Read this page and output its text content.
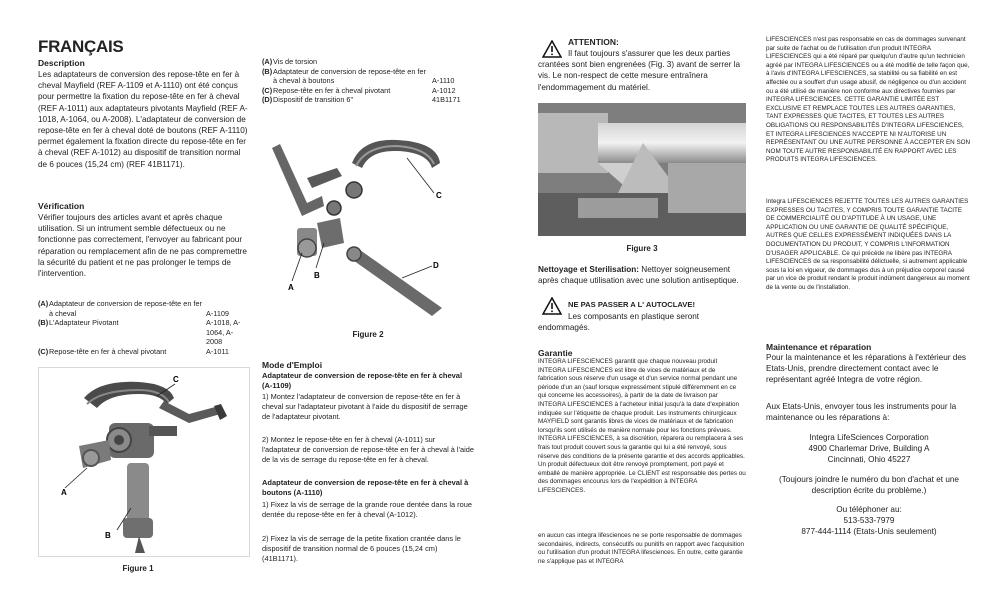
FRANÇAIS
Description
Les adaptateurs de conversion des repose-tête en fer à cheval Mayfield (REF A-1109 et A-1110) ont été conçus pour permettre la fixation du repose-tête en fer à cheval (REF A-1011) aux adaptateurs pivotants Mayfield (REF A-1018, A-1064, ou A-2008). L'adaptateur de conversion de repose-tête en fer à cheval doté de boutons (REF A-1110) permet également la fixation directe du repose-tête en fer à cheval (REF A-1012) au dispositif de transition normal de 6 pouces (15,24 cm) (REF 41B1171).
Vérification
Vérifier toujours des articles avant et après chaque utilisation. Si un intrument semble défectueux ou ne fonctionne pas correctement, l'envoyer au fabricant pour réparation ou remplacement afin de ne pas compremettre la sécurité du patient et ne pas prolonger le temps de l'intervention.
(A) Adaptateur de conversion de repose-tête en fer à cheval	A-1109
(B) L'Adaptateur Pivotant	A-1018, A-1064, A-2008
(C) Repose-tête en fer à cheval pivotant	A-1011
A
B
C
Figure 1
(A) Vis de torsion
(B) Adaptateur de conversion de repose-tête en fer à cheval à boutons	A-1110
(C) Repose-tête en fer à cheval pivotant	A-1012
(D) Dispositif de transition 6"	41B1171
C
A
B
D
Figure 2
Mode d'Emploi
Adaptateur de conversion de repose-tête en fer à cheval (A-1109)
1) Montez l'adaptateur de conversion de repose-tête en fer à cheval sur l'adaptateur pivotant à l'aide du dispositif de serrage de l'adaptateur pivotant.
2) Montez le repose-tête en fer à cheval (A-1011) sur l'adaptateur de conversion de repose-tête en fer à cheval à l'aide de la vis de serrage du repose-tête en fer à cheval.
Adaptateur de conversion de repose-tête en fer à cheval à boutons (A-1110)
1) Fixez la vis de serrage de la grande roue dentée dans la roue dentée du repose-tête en fer à cheval (A-1012).
2) Fixez la vis de serrage de la petite fixation crantée dans le dispositif de transition normal de 6 pouces (15,24 cm) (41B1171).
ATTENTION:
Il faut toujours s'assurer que les deux parties crantées sont bien engrenées (Fig. 3) avant de serrer la vis. Le non-respect de cette mesure entraînera l'endommagement du matériel.
Figure 3
Nettoyage et Sterilisation: Nettoyer soigneusement après chaque utilisation avec une solution antiseptique.
NE PAS PASSER A L' AUTOCLAVE!
Les composants en plastique seront endommagés.
Garantie
INTEGRA LIFESCIENCES garantit que chaque nouveau produit INTEGRA LIFESCIENCES est libre de vices de matériaux et de fabrication sous réserve d'un usage et d'un service normal pendant une période d'un an (sauf lorsque expressément stipulé différemment en ce qui concerne les accessoires), à partir de la date de livraison par INTEGRA LIFESCIENCES à l'acheteur initial jusqu'à la date d'expiration indiquée sur l'étiquette de chaque produit. Les instruments chirurgicaux MAYFIELD sont garantis libres de vices de matériaux et de fabrication lorsqu'ils sont utilisés de manière normale pour les fonctions prévues. INTEGRA LIFESCIENCES, à sa discrétion, réparera ou remplacera à ses frais tout produit couvert sous la garantie qui lui a été renvoyé, sous réserve des conditions de la présente garantie et des accords applicables. Un produit défectueux doit être renvoyé promptement, port payé et emballé de manière appropriée. Le CLIENT est responsable des pertes ou des dommages encourus lors de l'expédition à INTEGRA LIFESCIENCES.
en aucun cas integra lifesciences ne se porte responsable de dommages secondaires, indirects, consécutifs ou punitifs en rapport avec l'acquisition ou l'utilisation d'un produit INTEGRA lifesciences. En outre, cette garantie ne s'applique pas et INTEGRA
LIFESCIENCES n'est pas responsable en cas de dommages survenant par suite de l'achat ou de l'utilisation d'un produit INTEGRA LIFESCIENCES qui a été réparé par quelqu'un d'autre qu'un technicien agréé par INTEGRA LIFESCIENCES ou a été modifié de telle façon que, à l'avis d'INTEGRA LIFESCIENCES, sa stabilité ou sa fiabilité en est affectée ou a souffert d'un usage abusif, de négligence ou d'un accident ou a été utilisé de manière non conforme aux directives fournies par INTEGRA LIFESCIENCES. CETTE GARANTIE LIMITÉE EST EXCLUSIVE ET REMPLACE TOUTES LES AUTRES GARANTIES, TANT EXPRESSES QUE TACITES, ET TOUTES LES AUTRES OBLIGATIONS OU RESPONSABILITÉS D'INTEGRA LIFESCIENCES, ET INTEGRA LIFESCIENCES N'ACCEPTE NI N'AUTORISE UN REPRÉSENTANT OU UNE AUTRE PERSONNE À ACCEPTER EN SON NOM TOUTE AUTRE RESPONSABILITÉ EN RAPPORT AVEC LES PRODUITS INTEGRA LIFESCIENCES.
Integra LIFESCIENCES REJETTE TOUTES LES AUTRES GARANTIES EXPRESSES OU TACITES, Y COMPRIS TOUTE GARANTIE TACITE DE COMMERCIALITÉ OU D'APTITUDE À UN USAGE, UNE APPLICATION OU UNE GARANTIE DE QUALITÉ SPÉCIFIQUE, AUTRES QUE CELLES EXPRESSÉMENT INDIQUÉES DANS LA DOCUMENTATION DU PRODUIT, Y COMPRIS L'INFORMATION D'USAGER APPLICABLE. Ce qui précède ne libère pas INTEGRA LIFESCIENCES de sa responsabilité délictuelle, si autrement applicable sous la loi en vigueur, de dommages dus à un préjudice corporel causé par un vice de produit rendant le produit indûment dangereux au moment de la vente ou de l'installation.
Maintenance et réparation
Pour la maintenance et les réparations à l'extérieur des Etats-Unis, prendre directement contact avec le représentant agréé Integra de votre région.
Aux Etats-Unis, envoyer tous les instruments pour la maintenance ou les réparations à:
Integra LifeSciences Corporation
4900 Charlemar Drive, Building A
Cincinnati, Ohio 45227
(Toujours joindre le numéro du bon d'achat et une description écrite du problème.)
Ou téléphoner au:
513-533-7979
877-444-1114 (Etats-Unis seulement)
